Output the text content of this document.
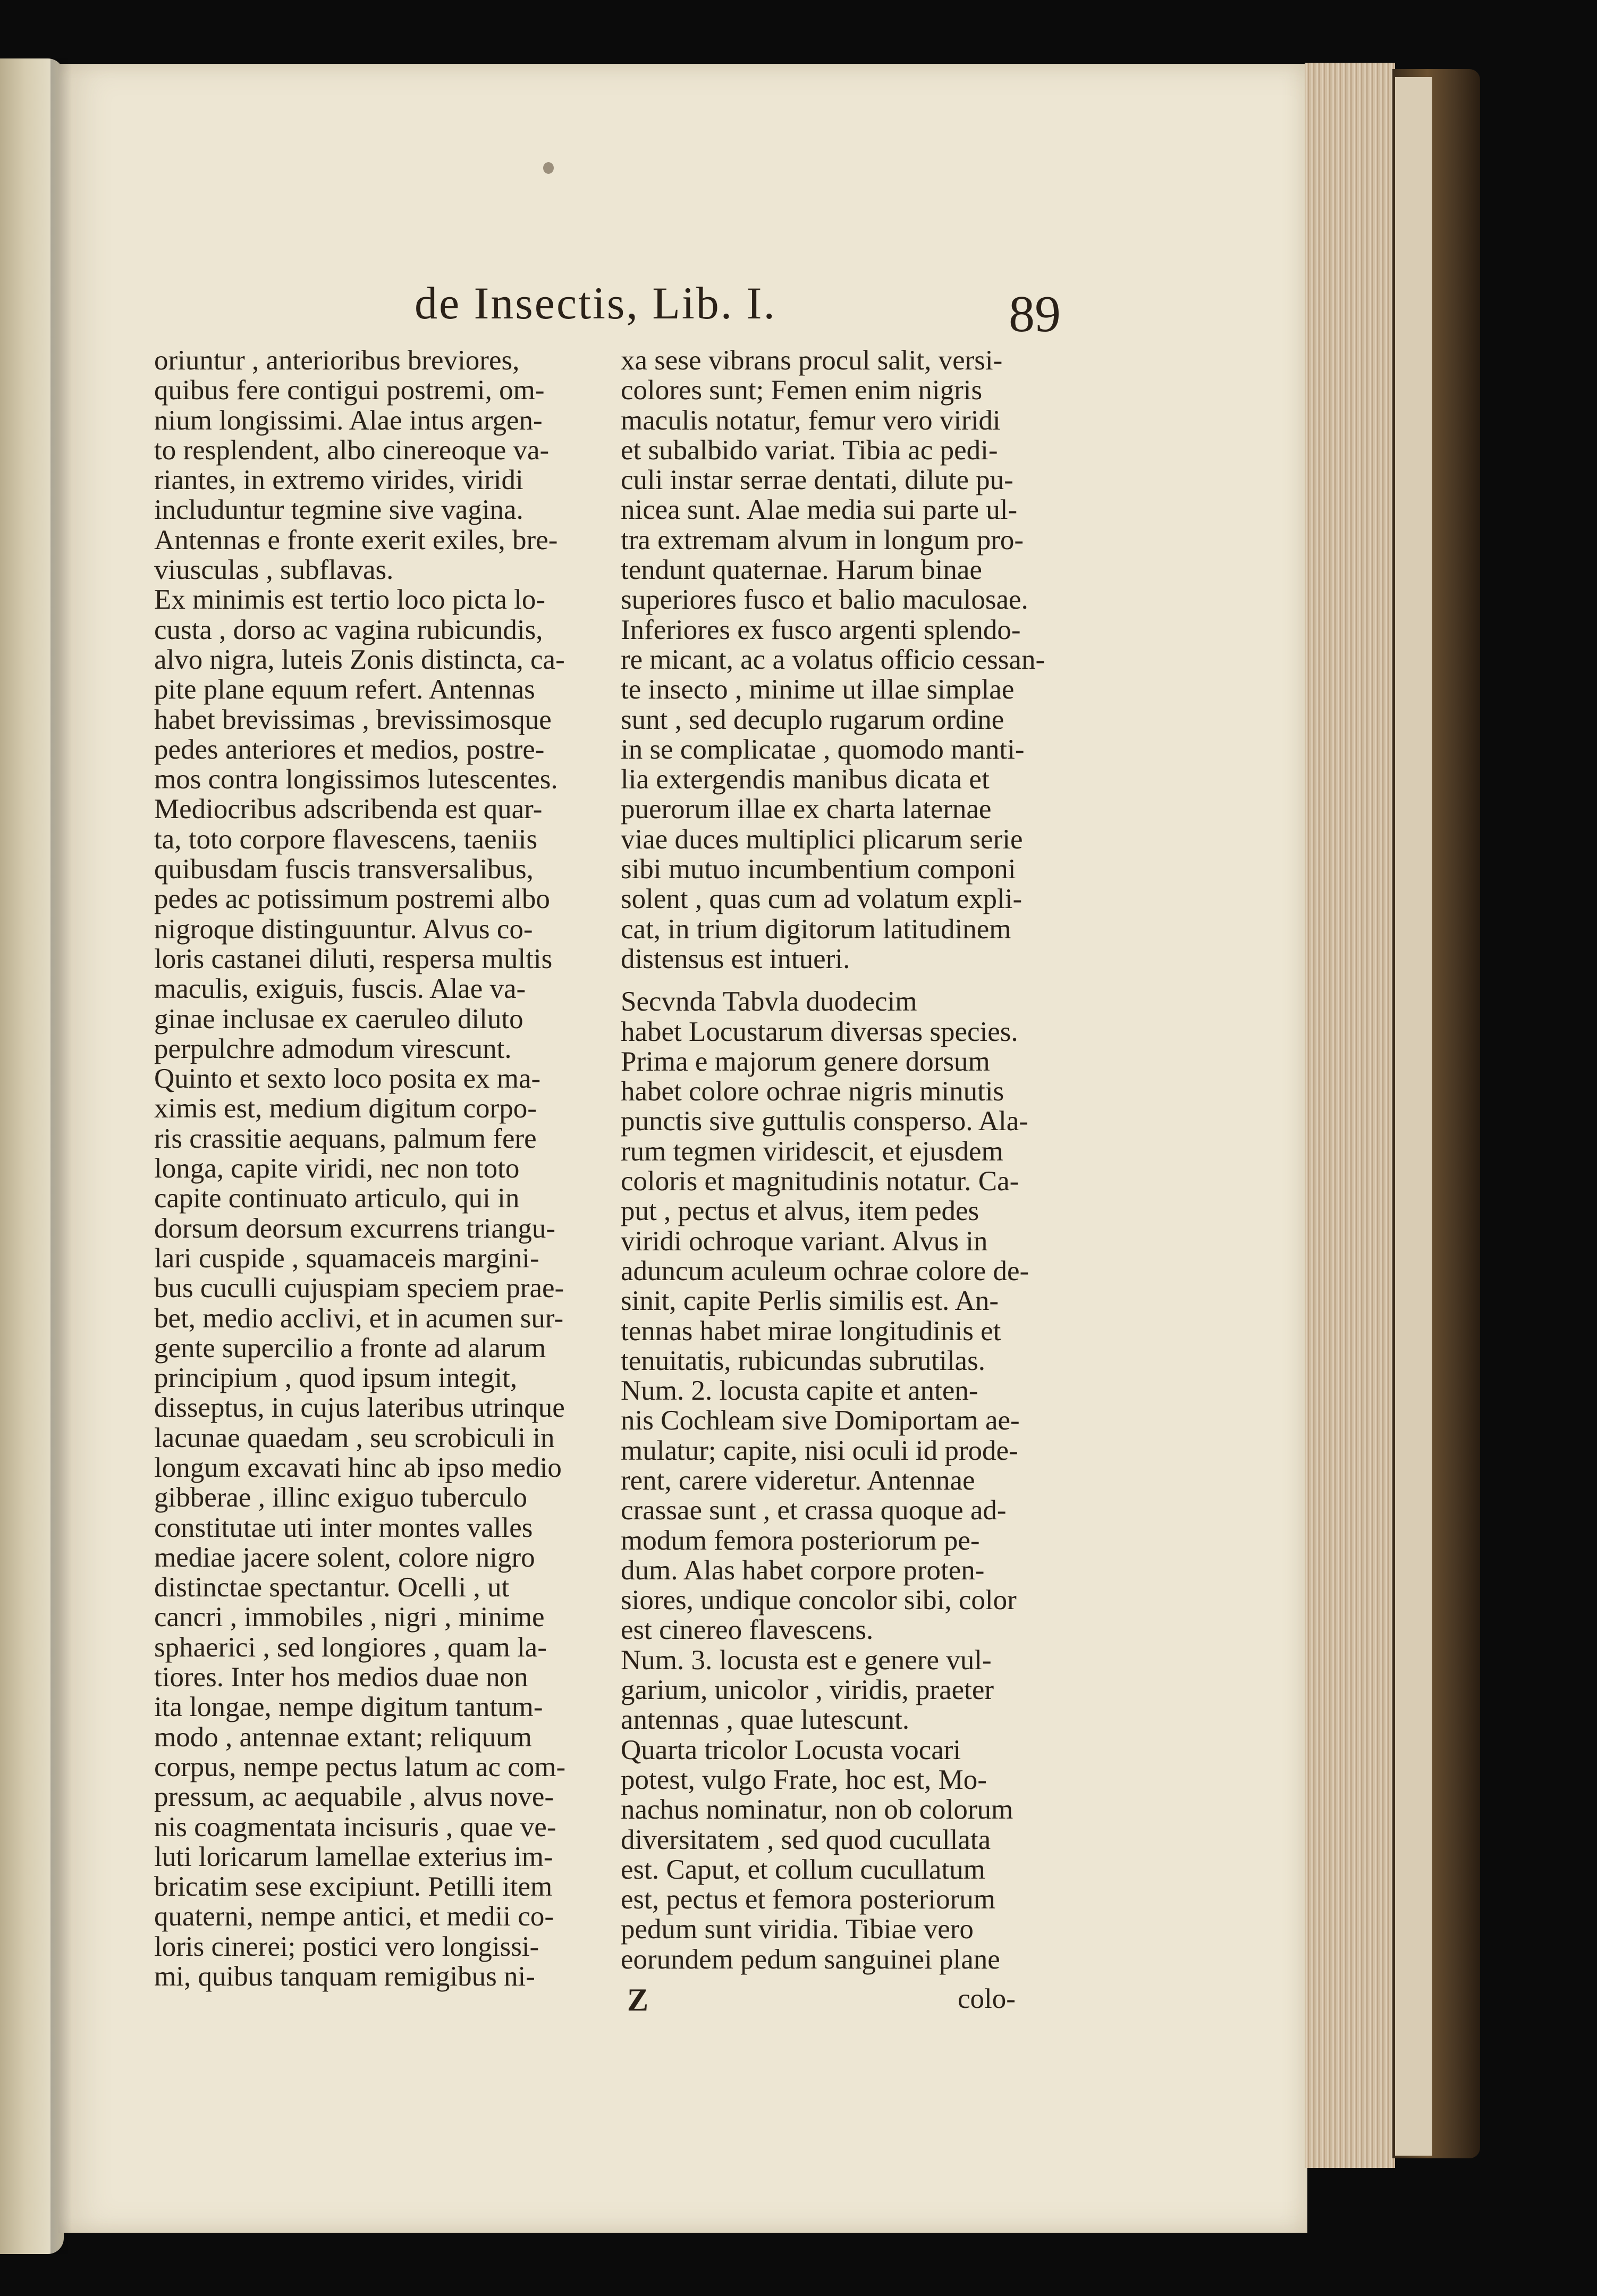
de Insectis, Lib. I.	89
oriuntur , anterioribus breviores,
quibus fere contigui postremi, om-
nium longissimi. Alae intus argen-
to resplendent, albo cinereoque va-
riantes, in extremo virides, viridi
includuntur tegmine sive vagina.
Antennas e fronte exerit exiles, bre-
viusculas , subflavas.
Ex minimis est tertio loco picta lo-
custa , dorso ac vagina rubicundis,
alvo nigra, luteis Zonis distincta, ca-
pite plane equum refert. Antennas
habet brevissimas , brevissimosque
pedes anteriores et medios, postre-
mos contra longissimos lutescentes.
Mediocribus adscribenda est quar-
ta, toto corpore flavescens, taeniis
quibusdam fuscis transversalibus,
pedes ac potissimum postremi albo
nigroque distinguuntur. Alvus co-
loris castanei diluti, respersa multis
maculis, exiguis, fuscis. Alae va-
ginae inclusae ex caeruleo diluto
perpulchre admodum virescunt.
Quinto et sexto loco posita ex ma-
ximis est, medium digitum corpo-
ris crassitie aequans, palmum fere
longa, capite viridi, nec non toto
capite continuato articulo, qui in
dorsum deorsum excurrens triangu-
lari cuspide , squamaceis margini-
bus cuculli cujuspiam speciem prae-
bet, medio acclivi, et in acumen sur-
gente supercilio a fronte ad alarum
principium , quod ipsum integit,
disseptus, in cujus lateribus utrinque
lacunae quaedam , seu scrobiculi in
longum excavati hinc ab ipso medio
gibberae , illinc exiguo tuberculo
constitutae uti inter montes valles
mediae jacere solent, colore nigro
distinctae spectantur. Ocelli , ut
cancri , immobiles , nigri , minime
sphaerici , sed longiores , quam la-
tiores. Inter hos medios duae non
ita longae, nempe digitum tantum-
modo , antennae extant; reliquum
corpus, nempe pectus latum ac com-
pressum, ac aequabile , alvus nove-
nis coagmentata incisuris , quae ve-
luti loricarum lamellae exterius im-
bricatim sese excipiunt. Petilli item
quaterni, nempe antici, et medii co-
loris cinerei; postici vero longissi-
mi, quibus tanquam remigibus ni-
xa sese vibrans procul salit, versi-
colores sunt; Femen enim nigris
maculis notatur, femur vero viridi
et subalbido variat. Tibia ac pedi-
culi instar serrae dentati, dilute pu-
nicea sunt. Alae media sui parte ul-
tra extremam alvum in longum pro-
tendunt quaternae. Harum binae
superiores fusco et balio maculosae.
Inferiores ex fusco argenti splendo-
re micant, ac a volatus officio cessan-
te insecto , minime ut illae simplae
sunt , sed decuplo rugarum ordine
in se complicatae , quomodo manti-
lia extergendis manibus dicata et
puerorum illae ex charta laternae
viae duces multiplici plicarum serie
sibi mutuo incumbentium componi
solent , quas cum ad volatum expli-
cat, in trium digitorum latitudinem
distensus est intueri.
Secvnda Tabvla duodecim
habet Locustarum diversas species.
Prima e majorum genere dorsum
habet colore ochrae nigris minutis
punctis sive guttulis consperso. Ala-
rum tegmen viridescit, et ejusdem
coloris et magnitudinis notatur. Ca-
put , pectus et alvus, item pedes
viridi ochroque variant. Alvus in
aduncum aculeum ochrae colore de-
sinit, capite Perlis similis est. An-
tennas habet mirae longitudinis et
tenuitatis, rubicundas subrutilas.
Num. 2. locusta capite et anten-
nis Cochleam sive Domiportam ae-
mulatur; capite, nisi oculi id prode-
rent, carere videretur. Antennae
crassae sunt , et crassa quoque ad-
modum femora posteriorum pe-
dum. Alas habet corpore proten-
siores, undique concolor sibi, color
est cinereo flavescens.
Num. 3. locusta est e genere vul-
garium, unicolor , viridis, praeter
antennas , quae lutescunt.
Quarta tricolor Locusta vocari
potest, vulgo Frate, hoc est, Mo-
nachus nominatur, non ob colorum
diversitatem , sed quod cucullata
est. Caput, et collum cucullatum
est, pectus et femora posteriorum
pedum sunt viridia. Tibiae vero
eorundem pedum sanguinei plane
Z	colo-
